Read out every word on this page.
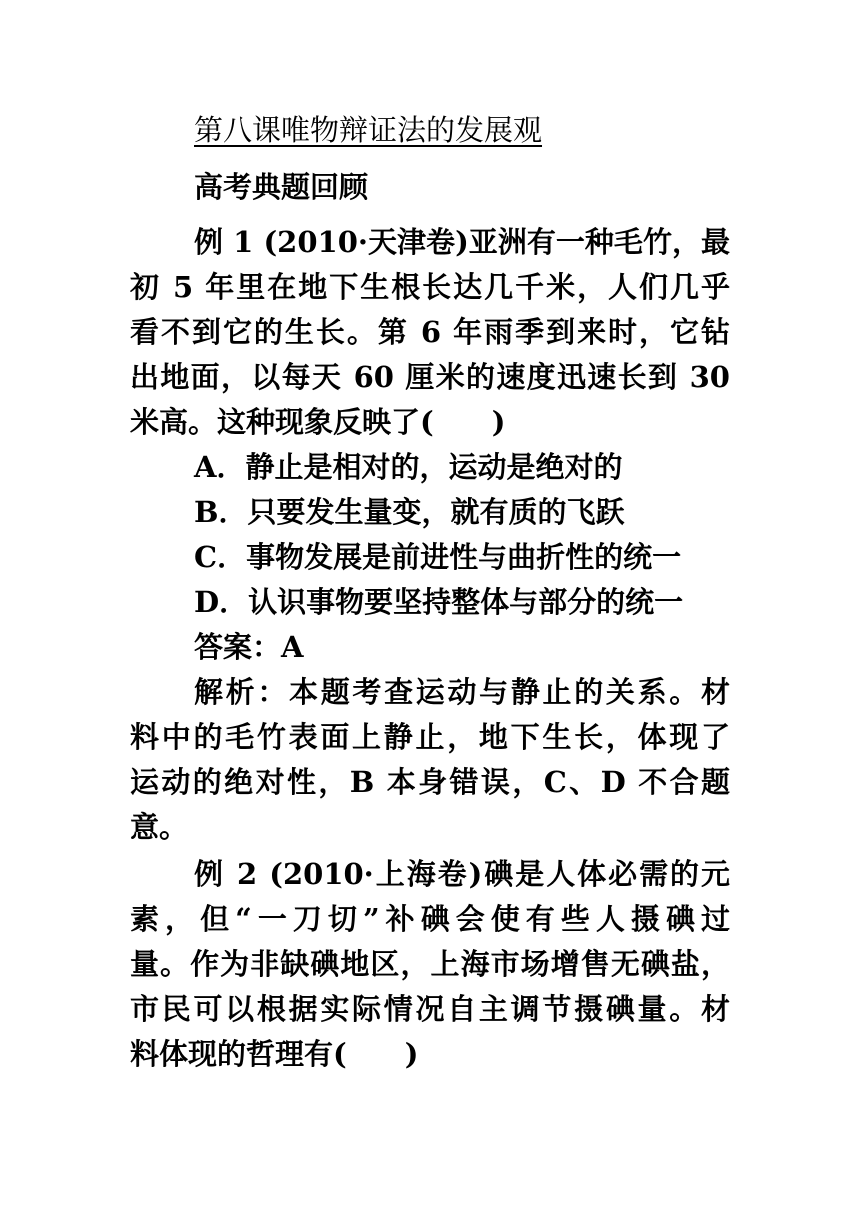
第八课唯物辩证法的发展观
高考典题回顾
例 1 (2010·天津卷)亚洲有一种毛竹，最
初 5 年里在地下生根长达几千米，人们几乎
看不到它的生长。第 6 年雨季到来时，它钻
出地面，以每天 60 厘米的速度迅速长到 30
米高。这种现象反映了(　　)
A．静止是相对的，运动是绝对的
B．只要发生量变，就有质的飞跃
C．事物发展是前进性与曲折性的统一
D．认识事物要坚持整体与部分的统一
答案：A
解析：本题考查运动与静止的关系。材
料中的毛竹表面上静止，地下生长，体现了
运动的绝对性，B 本身错误，C、D 不合题
意。
例 2 (2010·上海卷)碘是人体必需的元
素，但“一刀切”补碘会使有些人摄碘过
量。作为非缺碘地区，上海市场增售无碘盐，
市民可以根据实际情况自主调节摄碘量。材
料体现的哲理有(　　)
